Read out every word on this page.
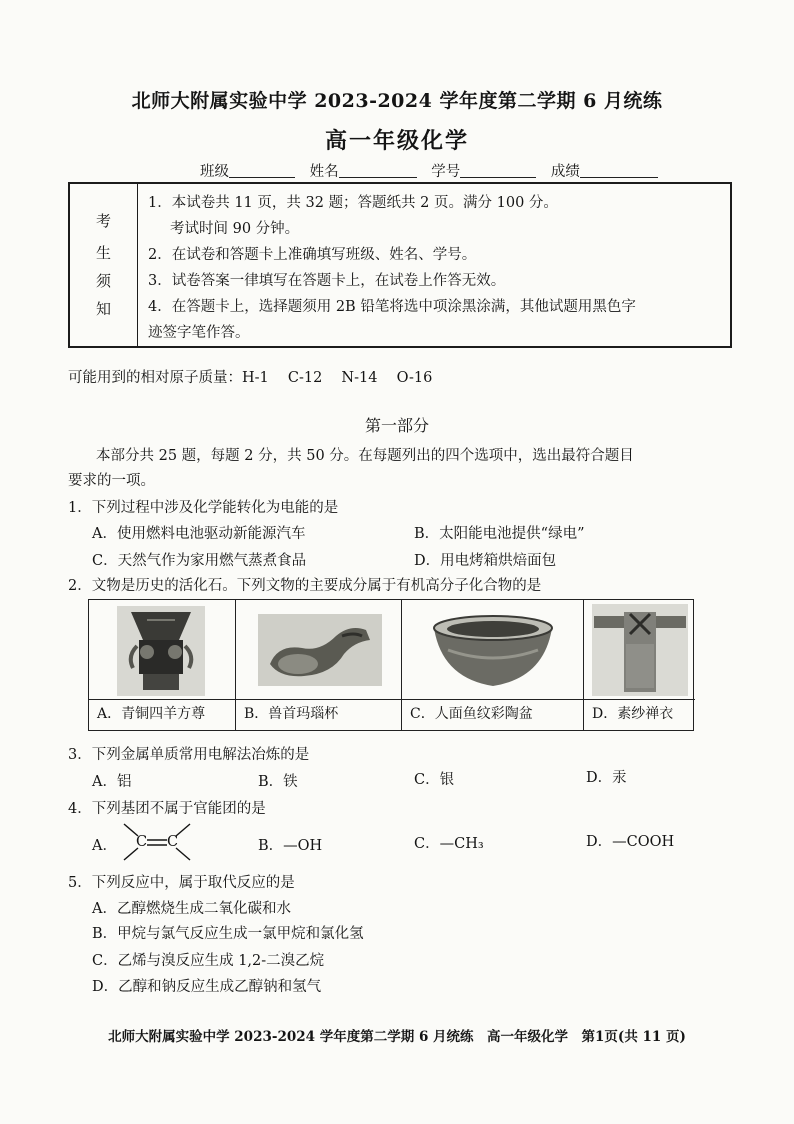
北师大附属实验中学 2023-2024 学年度第二学期 6 月统练
高一年级化学
班级	姓名	学号	成绩
考
生
须
知
1．本试卷共 11 页，共 32 题；答题纸共 2 页。满分 100 分。
考试时间 90 分钟。
2．在试卷和答题卡上准确填写班级、姓名、学号。
3．试卷答案一律填写在答题卡上，在试卷上作答无效。
4．在答题卡上，选择题须用 2B 铅笔将选中项涂黑涂满，其他试题用黑色字
迹签字笔作答。
可能用到的相对原子质量：H-1　 C-12　 N-14　 O-16
第一部分
本部分共 25 题，每题 2 分，共 50 分。在每题列出的四个选项中，选出最符合题目
要求的一项。
1．下列过程中涉及化学能转化为电能的是
A．使用燃料电池驱动新能源汽车	B．太阳能电池提供“绿电”
C．天然气作为家用燃气蒸煮食品	D．用电烤箱烘焙面包
2．文物是历史的活化石。下列文物的主要成分属于有机高分子化合物的是
A．青铜四羊方尊	B．兽首玛瑙杯	C．人面鱼纹彩陶盆	D．素纱禅衣
3．下列金属单质常用电解法冶炼的是
A．铝	B．铁	C．银	D．汞
4．下列基团不属于官能团的是
A． C C	B．—OH	C．—CH₃	D．—COOH
5．下列反应中，属于取代反应的是
A．乙醇燃烧生成二氧化碳和水
B．甲烷与氯气反应生成一氯甲烷和氯化氢
C．乙烯与溴反应生成 1,2-二溴乙烷
D．乙醇和钠反应生成乙醇钠和氢气
北师大附属实验中学 2023-2024 学年度第二学期 6 月统练　高一年级化学　第1页(共 11 页)
